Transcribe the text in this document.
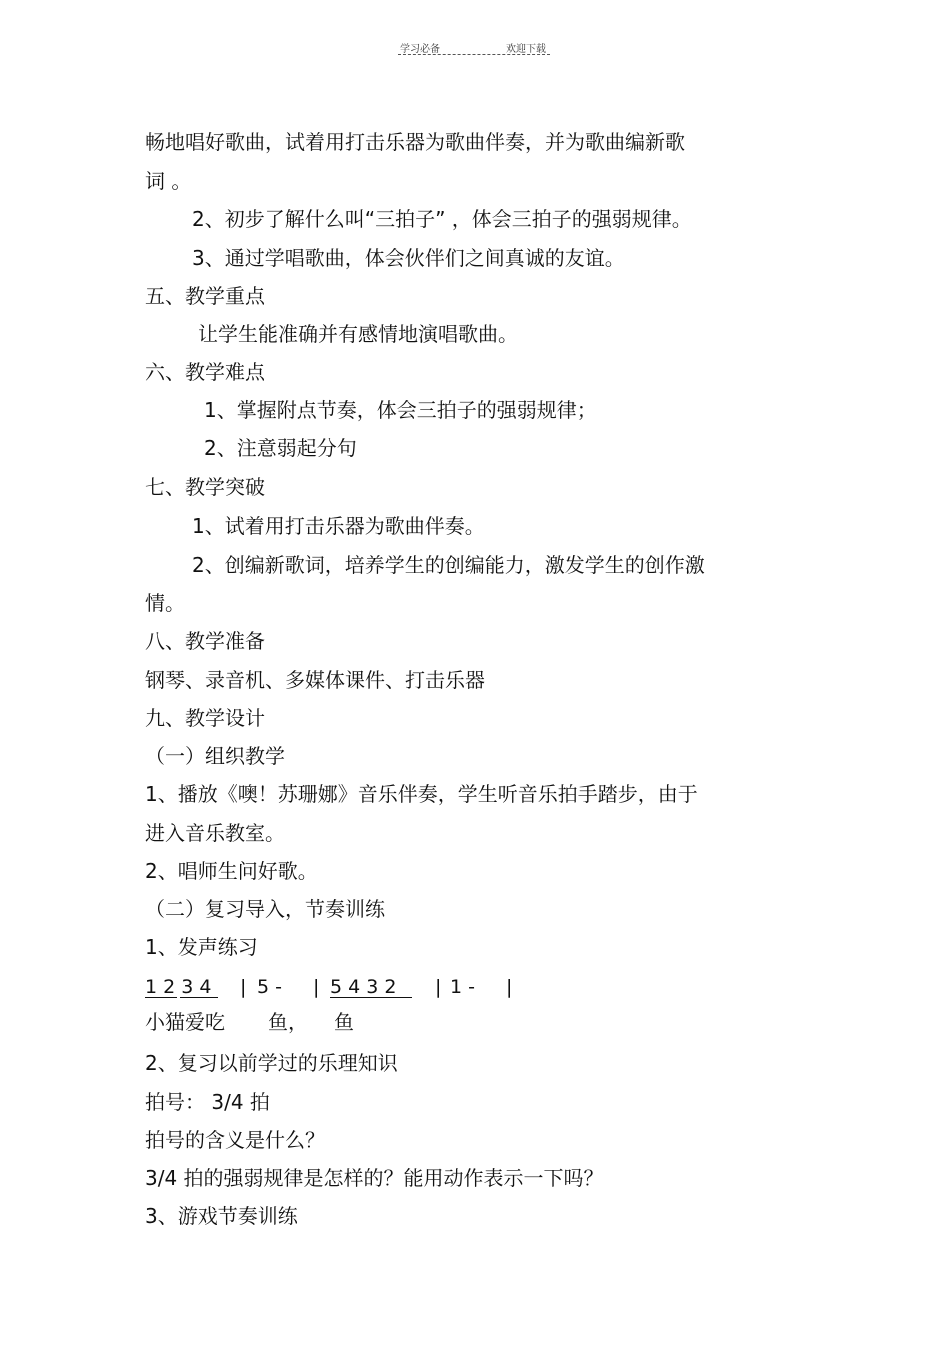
学习必备	欢迎下载
畅地唱好歌曲，试着用打击乐器为歌曲伴奏，并为歌曲编新歌
词 。
2、初步了解什么叫“三拍子” ，体会三拍子的强弱规律。
3、通过学唱歌曲，体会伙伴们之间真诚的友谊。
五、教学重点
让学生能准确并有感情地演唱歌曲。
六、教学难点
1、掌握附点节奏，体会三拍子的强弱规律；
2、注意弱起分句
七、教学突破
1、试着用打击乐器为歌曲伴奏。
2、创编新歌词，培养学生的创编能力，激发学生的创作激
情。
八、教学准备
钢琴、录音机、多媒体课件、打击乐器
九、教学设计
（一）组织教学
1、播放《噢！苏珊娜》音乐伴奏，学生听音乐拍手踏步，由于
进入音乐教室。
2、唱师生问好歌。
（二）复习导入，节奏训练
1、发声练习
1 2 3 4 | 5 - | 5 4 3 2 | 1 - |
小猫爱吃 鱼， 鱼
2、复习以前学过的乐理知识
拍号： 3/4 拍
拍号的含义是什么？
3/4 拍的强弱规律是怎样的？能用动作表示一下吗？
3、游戏节奏训练
